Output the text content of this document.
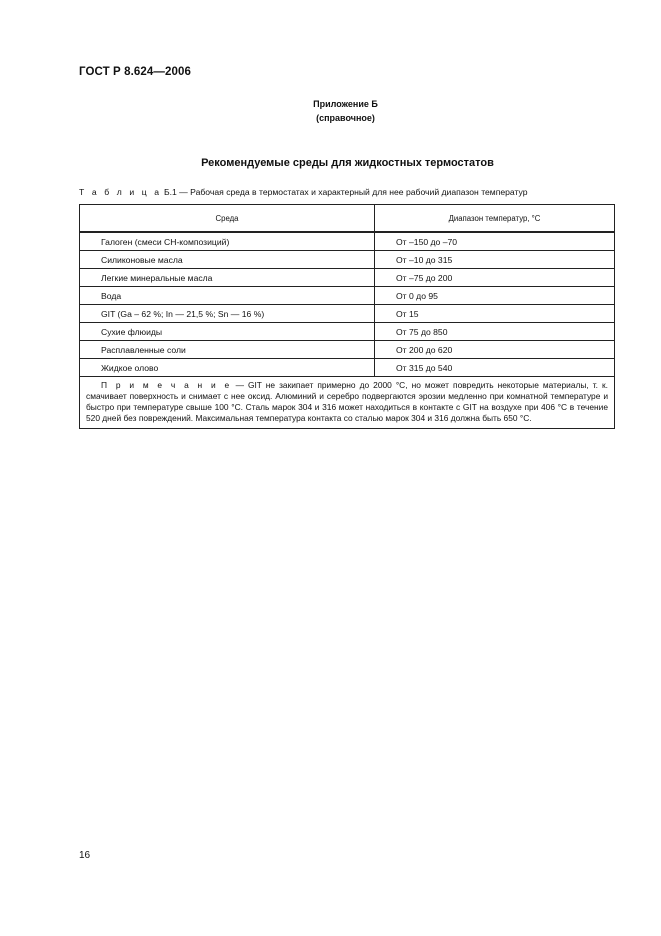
ГОСТ Р 8.624—2006
Приложение Б
(справочное)
Рекомендуемые среды для жидкостных термостатов
Т а б л и ц а Б.1 — Рабочая среда в термостатах и характерный для нее рабочий диапазон температур
Среда	Диапазон температур, °C
Галоген (смеси CH-композиций)	От –150 до –70
Силиконовые масла	От –10 до 315
Легкие минеральные масла	От –75 до 200
Вода	От 0 до 95
GIT (Ga – 62 %; In — 21,5 %; Sn — 16 %)	От 15
Сухие флюиды	От 75 до 850
Расплавленные соли	От 200 до 620
Жидкое олово	От 315 до 540
П р и м е ч а н и е — GIT не закипает примерно до 2000 °C, но может повредить некоторые материалы, т. к. смачивает поверхность и снимает с нее оксид. Алюминий и серебро подвергаются эрозии медленно при комнатной температуре и быстро при температуре свыше 100 °C. Сталь марок 304 и 316 может находиться в контакте с GIT на воздухе при 406 °C в течение 520 дней без повреждений. Максимальная температура контакта со сталью марок 304 и 316 должна быть 650 °C.	
16
